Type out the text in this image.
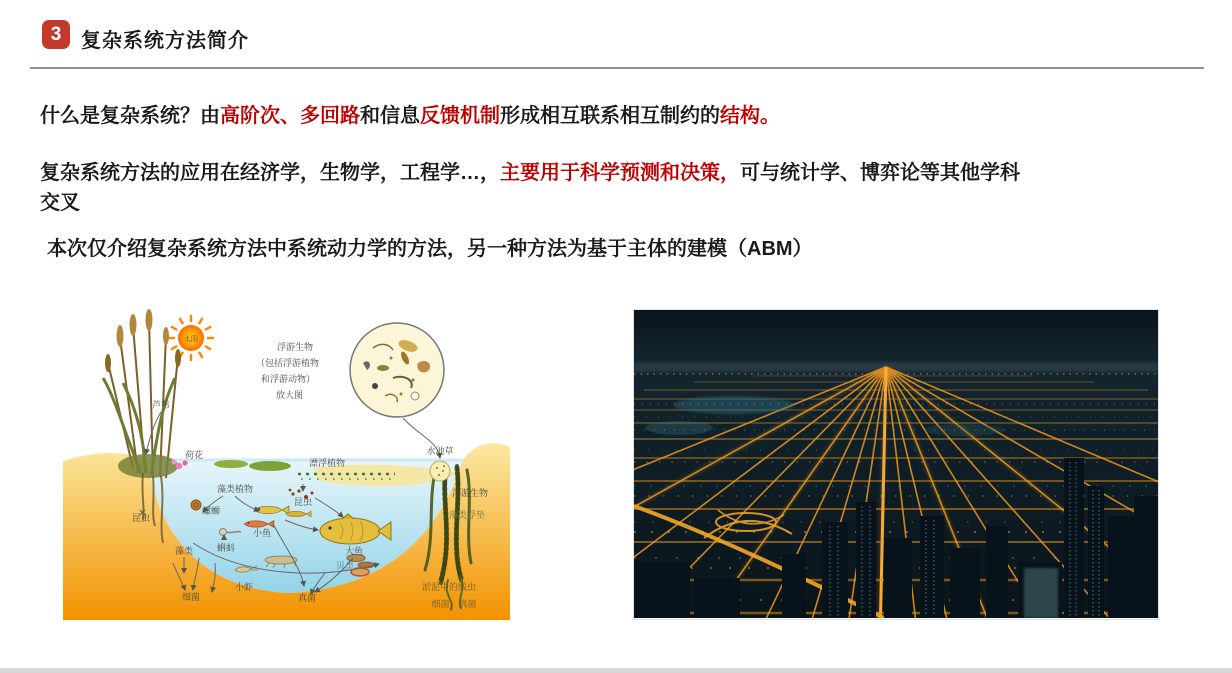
3 复杂系统方法简介
什么是复杂系统？由高阶次、多回路和信息反馈机制形成相互联系相互制约的结构。
复杂系统方法的应用在经济学，生物学，工程学…，主要用于科学预测和决策，可与统计学、博弈论等其他学科
交叉
本次仅介绍复杂系统方法中系统动力学的方法，另一种方法为基于主体的建模（ABM）
太阳
芦苇
荷花
漂浮植物
水池草
浮游生物
（包括浮游植物
和浮游动物）
放大图
藻类植物
昆虫
昆虫
螺蛳
蝌蚪
藻类
小鱼
大鱼
贝类
细菌
小虾
真菌
浮游生物
藻类浮垫
淤泥中的线虫
细菌，真菌
